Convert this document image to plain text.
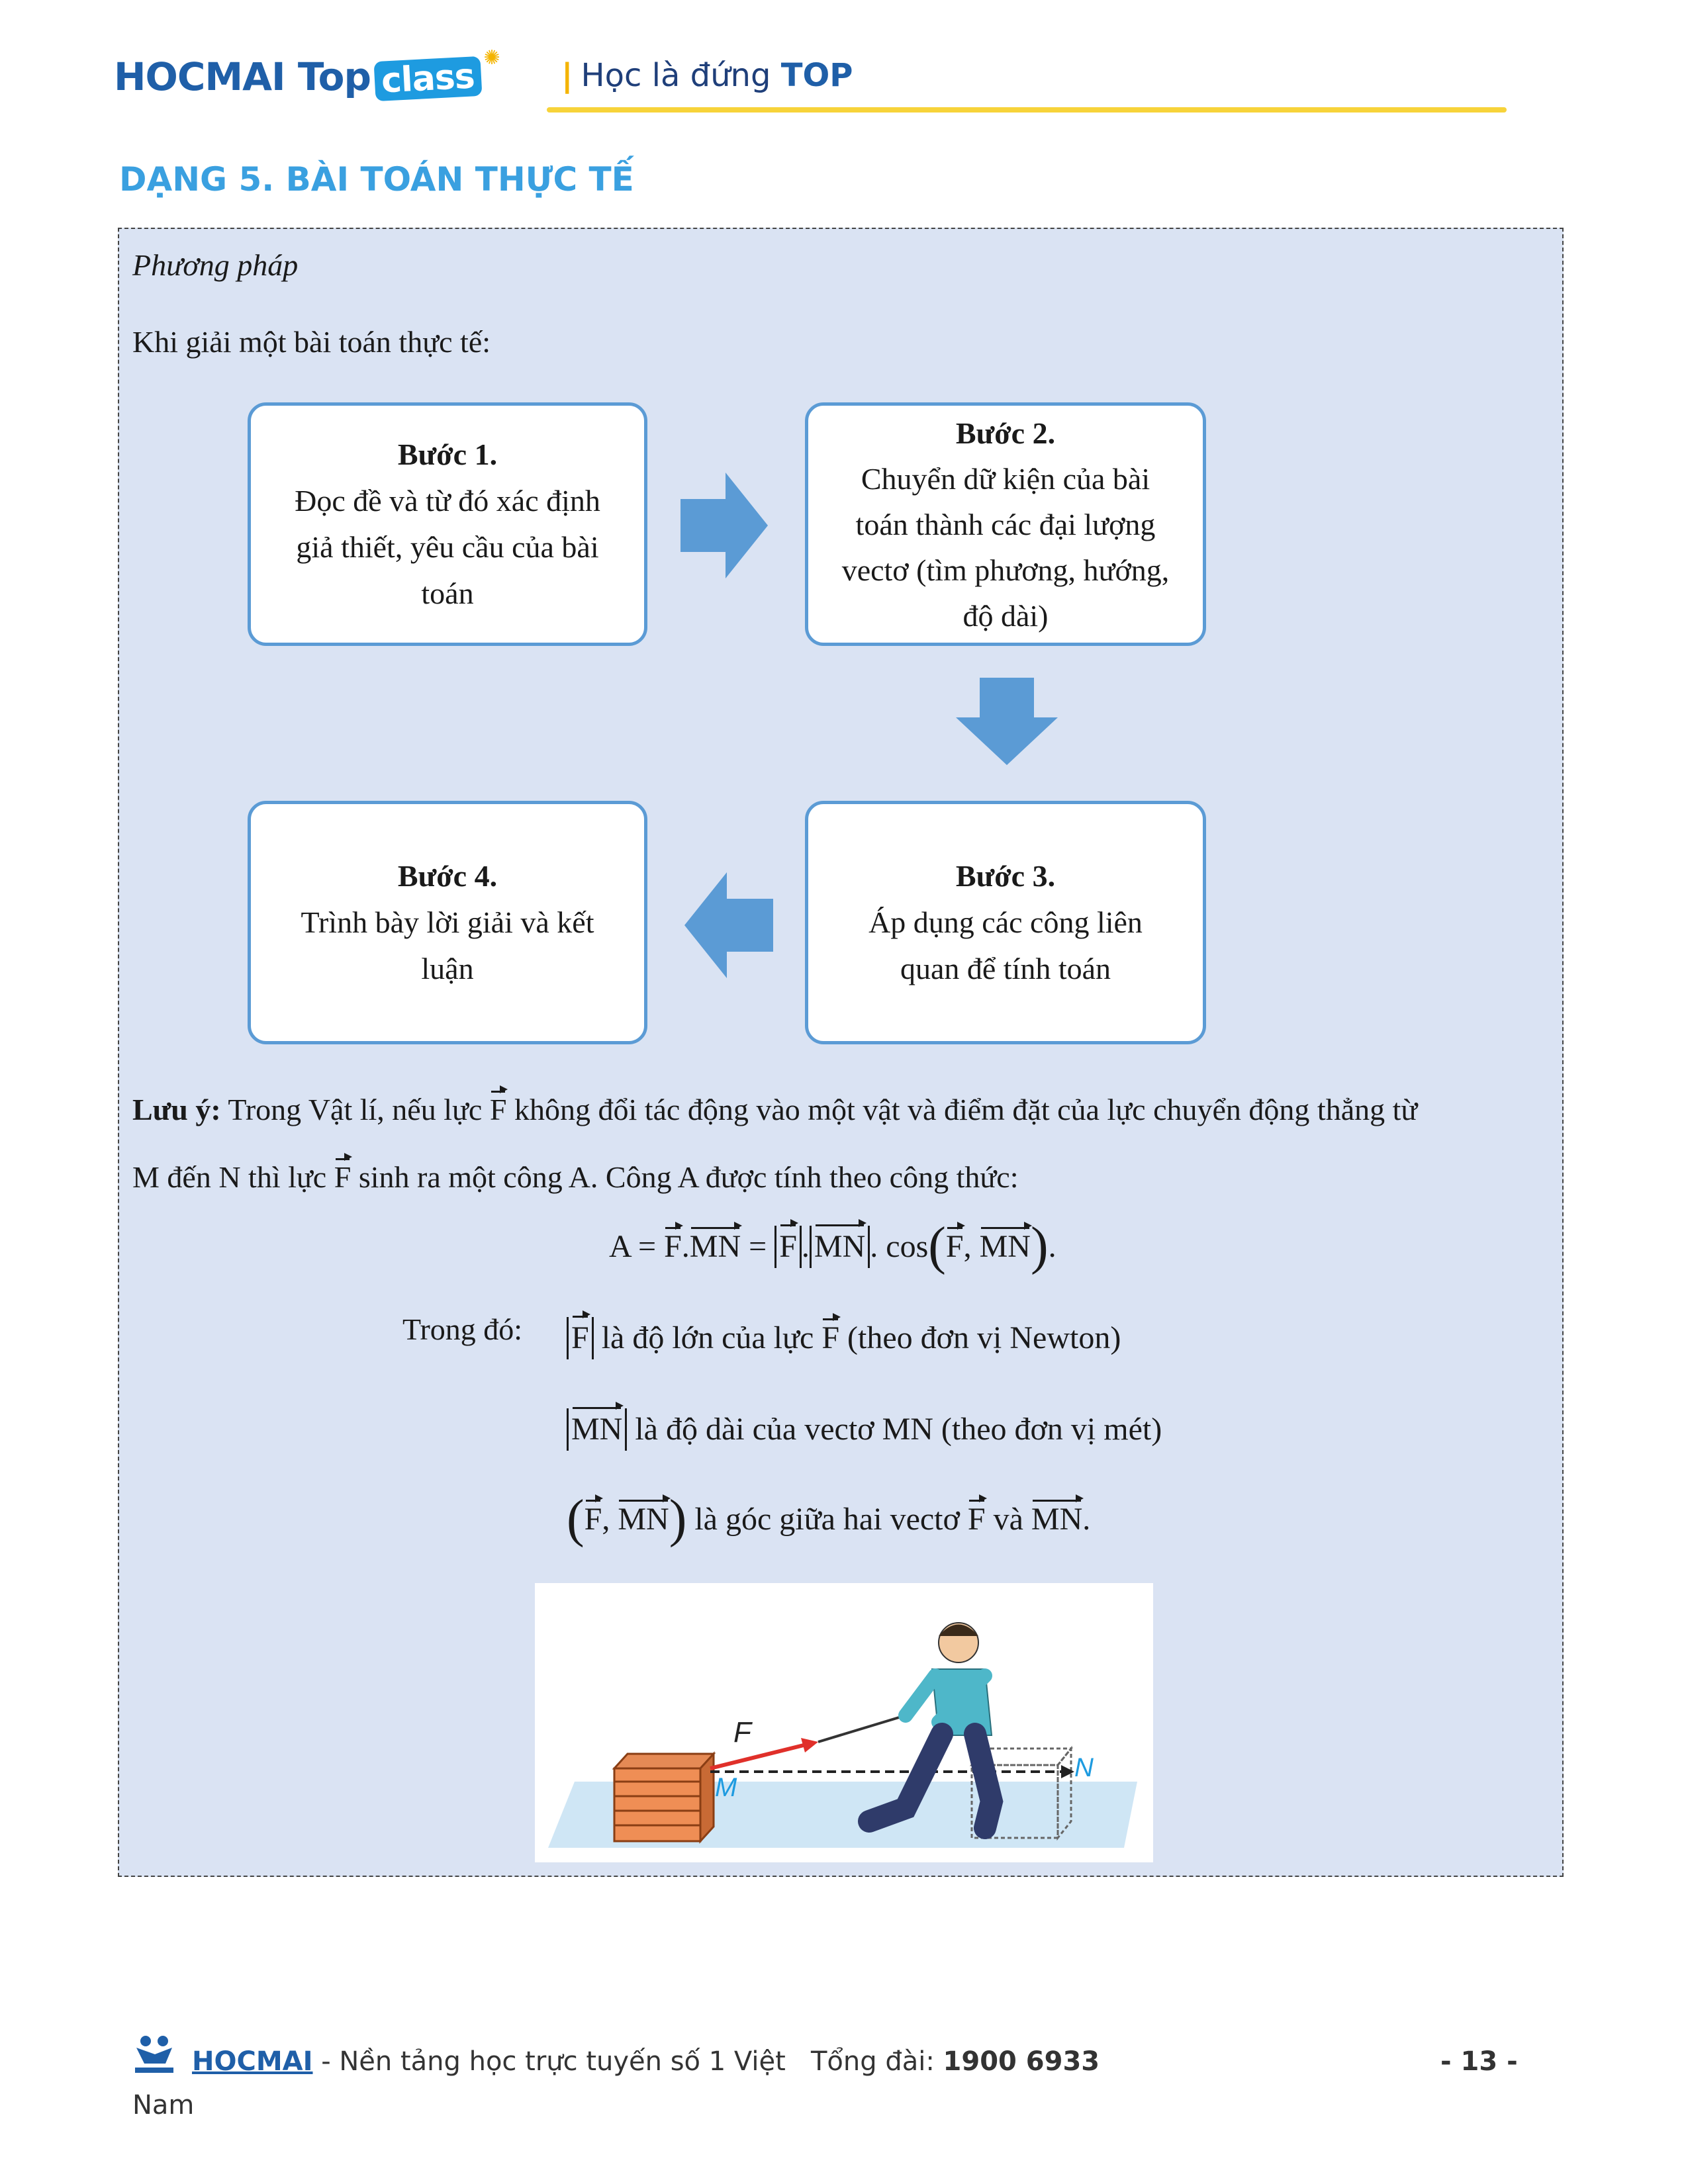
HOCMAI Top class ✺ | Học là đứng TOP
DẠNG 5. BÀI TOÁN THỰC TẾ
Phương pháp
Khi giải một bài toán thực tế:
Bước 1.
Đọc đề và từ đó xác định
giả thiết, yêu cầu của bài
toán
Bước 2.
Chuyển dữ kiện của bài
toán thành các đại lượng
vectơ (tìm phương, hướng,
độ dài)
Bước 3.
Áp dụng các công liên
quan để tính toán
Bước 4.
Trình bày lời giải và kết
luận
Lưu ý: Trong Vật lí, nếu lực F không đổi tác động vào một vật và điểm đặt của lực chuyển động thẳng từ
M đến N thì lực F sinh ra một công A. Công A được tính theo công thức:
A = F.MN = F . MN . cos(F, MN).
Trong đó: F là độ lớn của lực F (theo đơn vị Newton)
MN là độ dài của vectơ MN (theo đơn vị mét)
(F, MN) là góc giữa hai vectơ F và MN.
F
M
N
HOCMAI - Nền tảng học trực tuyến số 1 Việt Tổng đài: 1900 6933
Nam
- 13 -
